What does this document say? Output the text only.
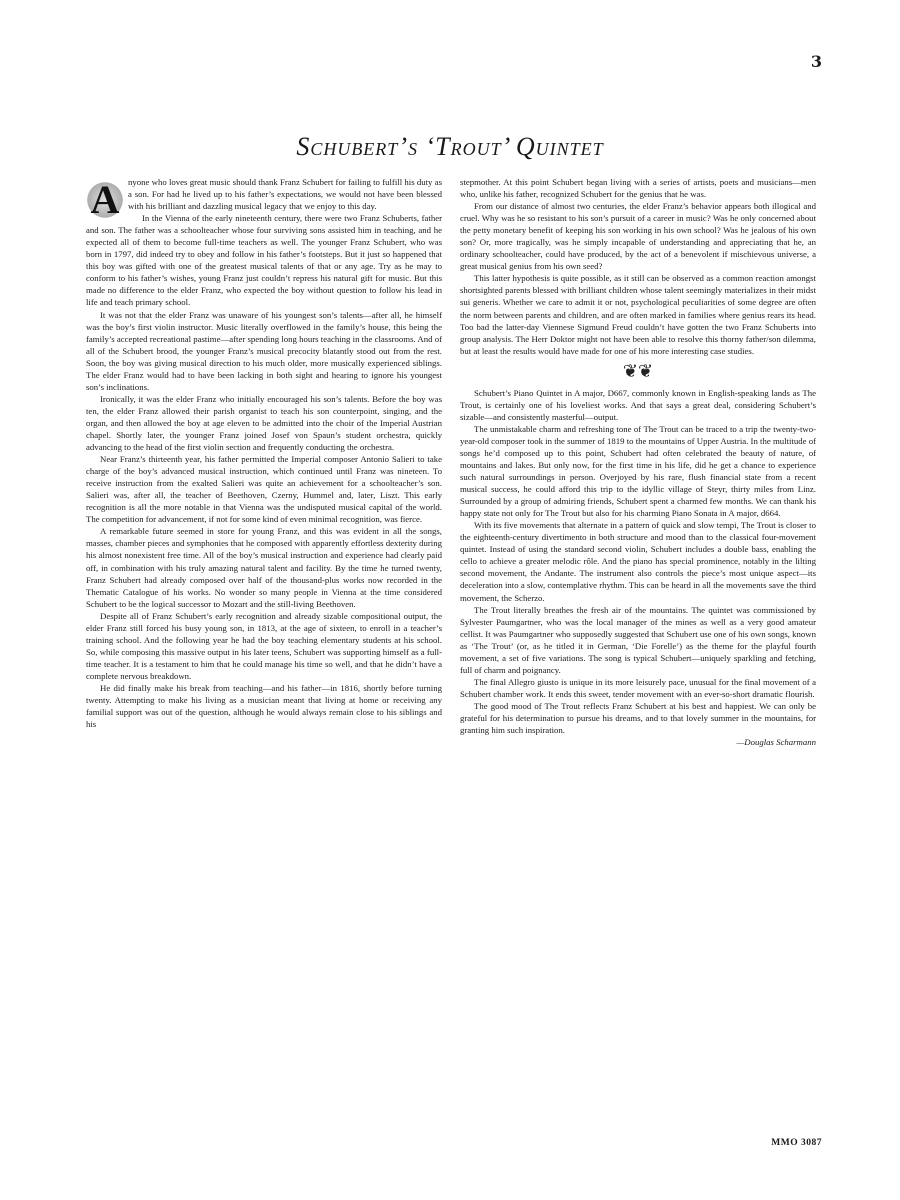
3
Schubert’s ‘Trout’ Quintet

A nyone who loves great music should thank Franz Schubert for failing to fulfill his duty as a son. For had he lived up to his father’s expectations, we would not have been blessed with his brilliant and dazzling musical legacy that we enjoy to this day.

In the Vienna of the early nineteenth century, there were two Franz Schuberts, father and son. The father was a schoolteacher whose four surviving sons assisted him in teaching, and he expected all of them to become full-time teachers as well. The younger Franz Schubert, who was born in 1797, did indeed try to obey and follow in his father’s footsteps. But it just so happened that this boy was gifted with one of the greatest musical talents of that or any age. Try as he may to conform to his father’s wishes, young Franz just couldn’t repress his natural gift for music. But this made no difference to the elder Franz, who expected the boy without question to follow his lead in life and teach primary school.

It was not that the elder Franz was unaware of his youngest son’s talents—after all, he himself was the boy’s first violin instructor. Music literally overflowed in the family’s house, this being the family’s accepted recreational pastime—after spending long hours teaching in the classrooms. And of all of the Schubert brood, the younger Franz’s musical precocity blatantly stood out from the rest. Soon, the boy was giving musical direction to his much older, more musically experienced siblings. The elder Franz would had to have been lacking in both sight and hearing to ignore his youngest son’s inclinations.

Ironically, it was the elder Franz who initially encouraged his son’s talents. Before the boy was ten, the elder Franz allowed their parish organist to teach his son counterpoint, singing, and the organ, and then allowed the boy at age eleven to be admitted into the choir of the Imperial Austrian chapel. Shortly later, the younger Franz joined Josef von Spaun’s student orchestra, quickly advancing to the head of the first violin section and frequently conducting the orchestra.

Near Franz’s thirteenth year, his father permitted the Imperial composer Antonio Salieri to take charge of the boy’s advanced musical instruction, which continued until Franz was nineteen. To receive instruction from the exalted Salieri was quite an achievement for a schoolteacher’s son. Salieri was, after all, the teacher of Beethoven, Czerny, Hummel and, later, Liszt. This early recognition is all the more notable in that Vienna was the undisputed musical capital of the world. The competition for advancement, if not for some kind of even minimal recognition, was fierce.

A remarkable future seemed in store for young Franz, and this was evident in all the songs, masses, chamber pieces and symphonies that he composed with apparently effortless dexterity during his almost nonexistent free time. All of the boy’s musical instruction and experience had clearly paid off, in combination with his truly amazing natural talent and facility. By the time he turned twenty, Franz Schubert had already composed over half of the thousand-plus works now recorded in the Thematic Catalogue of his works. No wonder so many people in Vienna at the time considered Schubert to be the logical successor to Mozart and the still-living Beethoven.

Despite all of Franz Schubert’s early recognition and already sizable compositional output, the elder Franz still forced his busy young son, in 1813, at the age of sixteen, to enroll in a teacher’s training school. And the following year he had the boy teaching elementary students at his school. So, while composing this massive output in his later teens, Schubert was supporting himself as a full-time teacher. It is a testament to him that he could manage his time so well, and that he didn’t have a complete nervous breakdown.

He did finally make his break from teaching—and his father—in 1816, shortly before turning twenty. Attempting to make his living as a musician meant that living at home or receiving any familial support was out of the question, although he would always remain close to his siblings and his

stepmother. At this point Schubert began living with a series of artists, poets and musicians—men who, unlike his father, recognized Schubert for the genius that he was.

From our distance of almost two centuries, the elder Franz’s behavior appears both illogical and cruel. Why was he so resistant to his son’s pursuit of a career in music? Was he only concerned about the petty monetary benefit of keeping his son working in his own school? Was he jealous of his own son? Or, more tragically, was he simply incapable of understanding and appreciating that he, an ordinary schoolteacher, could have produced, by the act of a benevolent if mischievous universe, a great musical genius from his own seed?

This latter hypothesis is quite possible, as it still can be observed as a common reaction amongst shortsighted parents blessed with brilliant children whose talent seemingly materializes in their midst sui generis. Whether we care to admit it or not, psychological peculiarities of some degree are often the norm between parents and children, and are often marked in families where genius rears its head. Too bad the latter-day Viennese Sigmund Freud couldn’t have gotten the two Franz Schuberts into group analysis. The Herr Doktor might not have been able to resolve this thorny father/son dilemma, but at least the results would have made for one of his more interesting case studies.

❦❦

Schubert’s Piano Quintet in A major, D667, commonly known in English-speaking lands as The Trout, is certainly one of his loveliest works. And that says a great deal, considering Schubert’s sizable—and consistently masterful—output.

The unmistakable charm and refreshing tone of The Trout can be traced to a trip the twenty-two-year-old composer took in the summer of 1819 to the mountains of Upper Austria. In the multitude of songs he’d composed up to this point, Schubert had often celebrated the beauty of nature, of mountains and lakes. But only now, for the first time in his life, did he get a chance to experience such natural surroundings in person. Overjoyed by his rare, flush financial state from a recent musical success, he could afford this trip to the idyllic village of Steyr, thirty miles from Linz. Surrounded by a group of admiring friends, Schubert spent a charmed few months. We can thank his happy state not only for The Trout but also for his charming Piano Sonata in A major, d664.

With its five movements that alternate in a pattern of quick and slow tempi, The Trout is closer to the eighteenth-century divertimento in both structure and mood than to the classical four-movement quintet. Instead of using the standard second violin, Schubert includes a double bass, enabling the cello to achieve a greater melodic rôle. And the piano has special prominence, notably in the lilting second movement, the Andante. The instrument also controls the piece’s most unique aspect—its deceleration into a slow, contemplative rhythm. This can be heard in all the movements save the third movement, the Scherzo.

The Trout literally breathes the fresh air of the mountains. The quintet was commissioned by Sylvester Paumgartner, who was the local manager of the mines as well as a very good amateur cellist. It was Paumgartner who supposedly suggested that Schubert use one of his own songs, known as ‘The Trout’ (or, as he titled it in German, ‘Die Forelle’) as the theme for the playful fourth movement, a set of five variations. The song is typical Schubert—uniquely sparkling and fetching, full of charm and poignancy.

The final Allegro giusto is unique in its more leisurely pace, unusual for the final movement of a Schubert chamber work. It ends this sweet, tender movement with an ever-so-short dramatic flourish.

The good mood of The Trout reflects Franz Schubert at his best and happiest. We can only be grateful for his determination to pursue his dreams, and to that lovely summer in the mountains, for granting him such inspiration.

—Douglas Scharmann
MMO 3087
